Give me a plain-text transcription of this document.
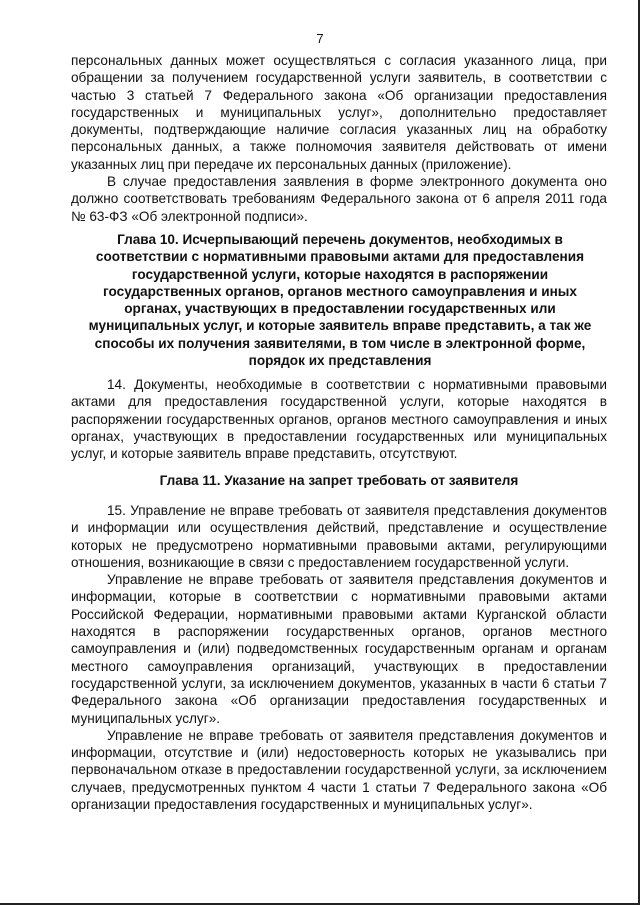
7

персональных данных может осуществляться с согласия указанного лица, при обращении за получением государственной услуги заявитель, в соответствии с частью 3 статьей 7 Федерального закона «Об организации предоставления государственных и муниципальных услуг», дополнительно предоставляет документы, подтверждающие наличие согласия указанных лиц на обработку персональных данных, а также полномочия заявителя действовать от имени указанных лиц при передаче их персональных данных (приложение).

В случае предоставления заявления в форме электронного документа оно должно соответствовать требованиям Федерального закона от 6 апреля 2011 года № 63-ФЗ «Об электронной подписи».

Глава 10. Исчерпывающий перечень документов, необходимых в соответствии с нормативными правовыми актами для предоставления государственной услуги, которые находятся в распоряжении государственных органов, органов местного самоуправления и иных органах, участвующих в предоставлении государственных или муниципальных услуг, и которые заявитель вправе представить, а так же способы их получения заявителями, в том числе в электронной форме, порядок их представления

14. Документы, необходимые в соответствии с нормативными правовыми актами для предоставления государственной услуги, которые находятся в распоряжении государственных органов, органов местного самоуправления и иных органах, участвующих в предоставлении государственных или муниципальных услуг, и которые заявитель вправе представить, отсутствуют.

Глава 11. Указание на запрет требовать от заявителя

15. Управление не вправе требовать от заявителя представления документов и информации или осуществления действий, представление и осуществление которых не предусмотрено нормативными правовыми актами, регулирующими отношения, возникающие в связи с предоставлением государственной услуги.

Управление не вправе требовать от заявителя представления документов и информации, которые в соответствии с нормативными правовыми актами Российской Федерации, нормативными правовыми актами Курганской области находятся в распоряжении государственных органов, органов местного самоуправления и (или) подведомственных государственным органам и органам местного самоуправления организаций, участвующих в предоставлении государственной услуги, за исключением документов, указанных в части 6 статьи 7 Федерального закона «Об организации предоставления государственных и муниципальных услуг».

Управление не вправе требовать от заявителя представления документов и информации, отсутствие и (или) недостоверность которых не указывались при первоначальном отказе в предоставлении государственной услуги, за исключением случаев, предусмотренных пунктом 4 части 1 статьи 7 Федерального закона «Об организации предоставления государственных и муниципальных услуг».
